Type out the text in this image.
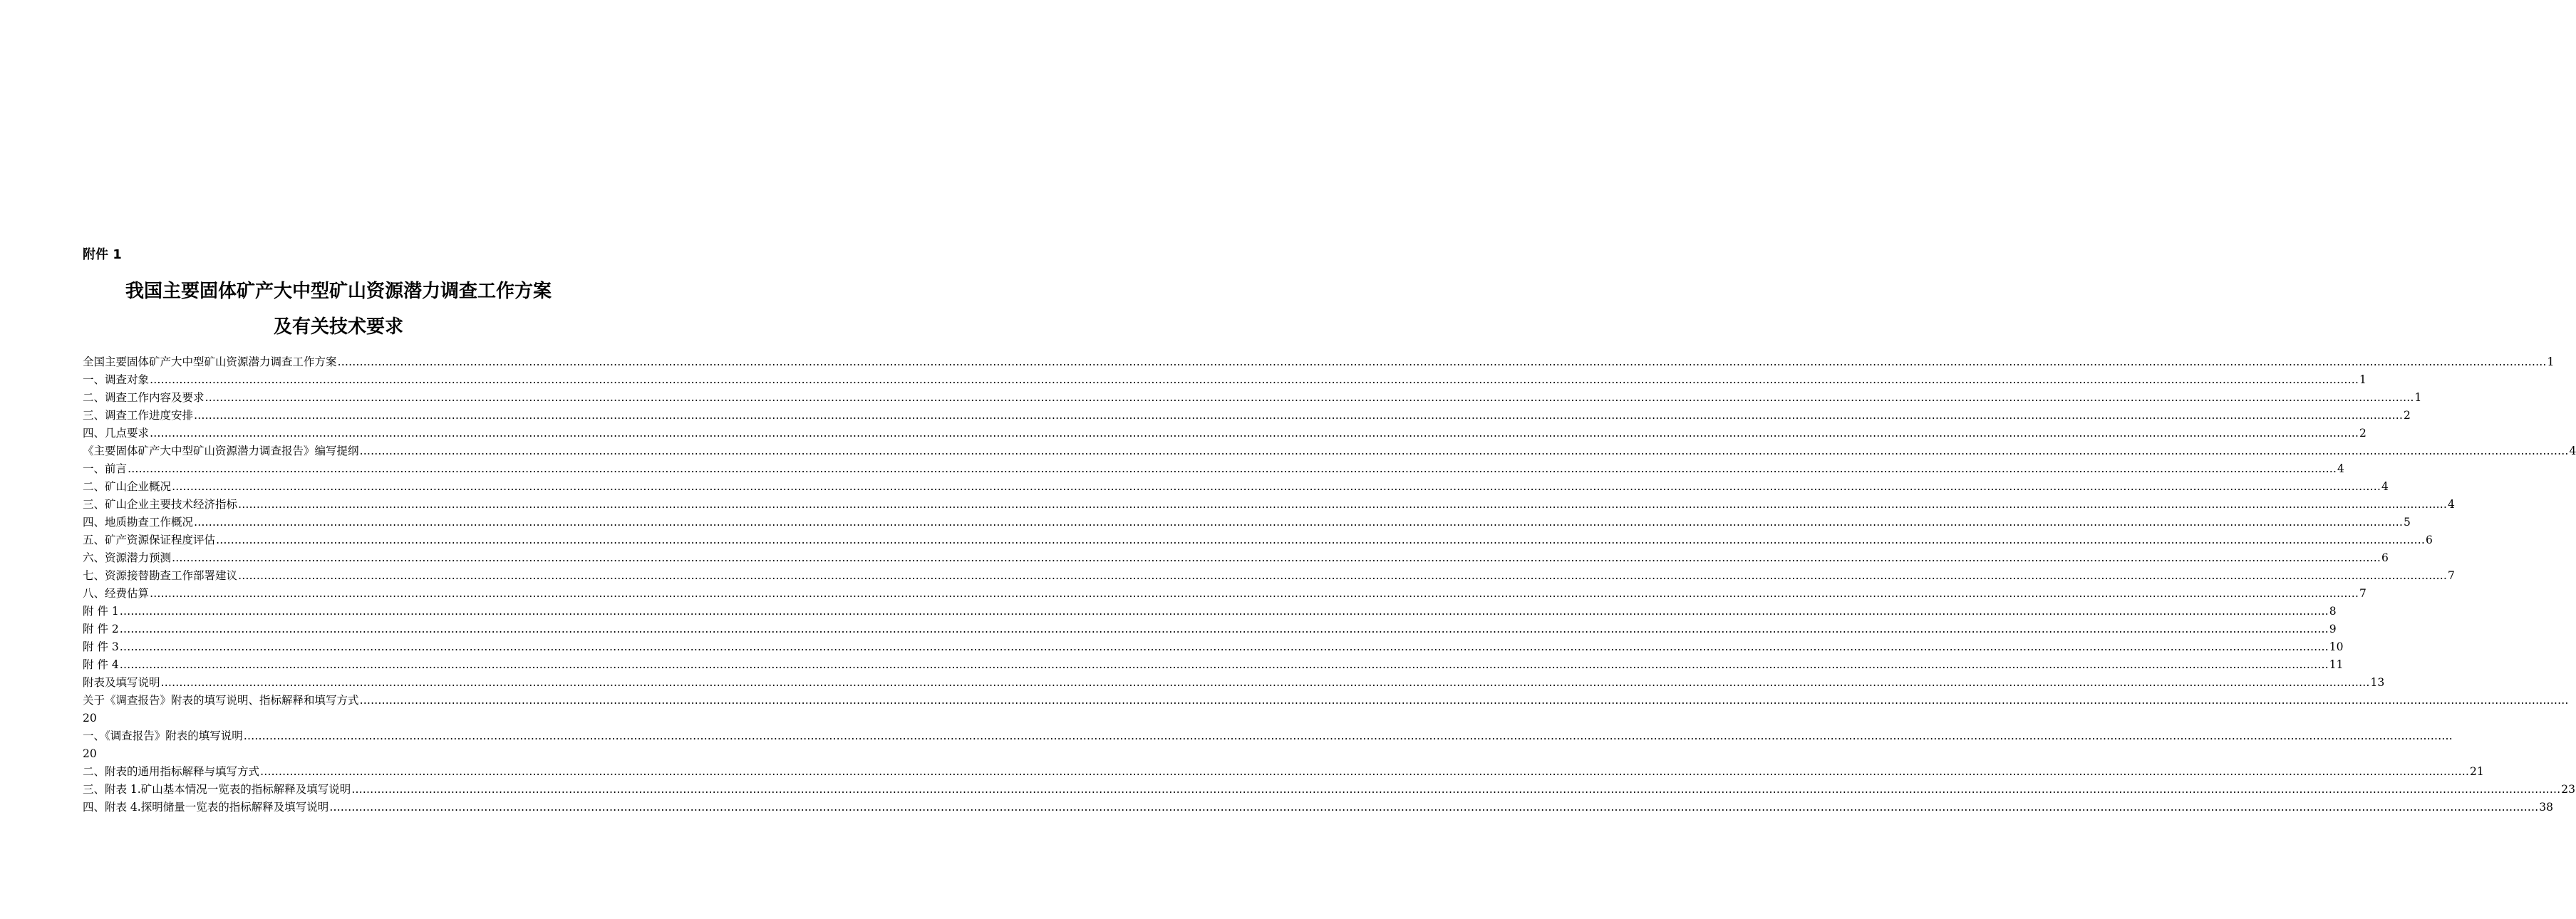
附件 1
我国主要固体矿产大中型矿山资源潜力调查工作方案
及有关技术要求
全国主要固体矿产大中型矿山资源潜力调查工作方案 …………………………………………………………………………………………………………………………………………………………………………………………………………………………………………………………………………………………………………………………………………………………………………………………………………………………………………………………………………………………………………………………………………………… 1
一、调查对象 …………………………………………………………………………………………………………………………………………………………………………………………………………………………………………………………………………………………………………………………………………………………………………………………………………………………………………………………………………………………………………………………………………………… 1
二、调查工作内容及要求 …………………………………………………………………………………………………………………………………………………………………………………………………………………………………………………………………………………………………………………………………………………………………………………………………………………………………………………………………………………………………………………………………………………… 1
三、调查工作进度安排 …………………………………………………………………………………………………………………………………………………………………………………………………………………………………………………………………………………………………………………………………………………………………………………………………………………………………………………………………………………………………………………………………………………… 2
四、几点要求 …………………………………………………………………………………………………………………………………………………………………………………………………………………………………………………………………………………………………………………………………………………………………………………………………………………………………………………………………………………………………………………………………………………… 2
《主要固体矿产大中型矿山资源潜力调查报告》编写提纲 …………………………………………………………………………………………………………………………………………………………………………………………………………………………………………………………………………………………………………………………………………………………………………………………………………………………………………………………………………………………………………………………………………………… 4
一、前言 …………………………………………………………………………………………………………………………………………………………………………………………………………………………………………………………………………………………………………………………………………………………………………………………………………………………………………………………………………………………………………………………………………………… 4
二、矿山企业概况 …………………………………………………………………………………………………………………………………………………………………………………………………………………………………………………………………………………………………………………………………………………………………………………………………………………………………………………………………………………………………………………………………………………… 4
三、矿山企业主要技术经济指标 …………………………………………………………………………………………………………………………………………………………………………………………………………………………………………………………………………………………………………………………………………………………………………………………………………………………………………………………………………………………………………………………………………………… 4
四、地质勘查工作概况 …………………………………………………………………………………………………………………………………………………………………………………………………………………………………………………………………………………………………………………………………………………………………………………………………………………………………………………………………………………………………………………………………………………… 5
五、矿产资源保证程度评估 …………………………………………………………………………………………………………………………………………………………………………………………………………………………………………………………………………………………………………………………………………………………………………………………………………………………………………………………………………………………………………………………………………………… 6
六、资源潜力预测 …………………………………………………………………………………………………………………………………………………………………………………………………………………………………………………………………………………………………………………………………………………………………………………………………………………………………………………………………………………………………………………………………………………… 6
七、资源接替勘查工作部署建议 …………………………………………………………………………………………………………………………………………………………………………………………………………………………………………………………………………………………………………………………………………………………………………………………………………………………………………………………………………………………………………………………………………………… 7
八、经费估算 …………………………………………………………………………………………………………………………………………………………………………………………………………………………………………………………………………………………………………………………………………………………………………………………………………………………………………………………………………………………………………………………………………………… 7
附 件 1 …………………………………………………………………………………………………………………………………………………………………………………………………………………………………………………………………………………………………………………………………………………………………………………………………………………………………………………………………………………………………………………………………………………… 8
附 件 2 …………………………………………………………………………………………………………………………………………………………………………………………………………………………………………………………………………………………………………………………………………………………………………………………………………………………………………………………………………………………………………………………………………………… 9
附 件 3 …………………………………………………………………………………………………………………………………………………………………………………………………………………………………………………………………………………………………………………………………………………………………………………………………………………………………………………………………………………………………………………………………………………… 10
附 件 4 …………………………………………………………………………………………………………………………………………………………………………………………………………………………………………………………………………………………………………………………………………………………………………………………………………………………………………………………………………………………………………………………………………………… 11
附表及填写说明 …………………………………………………………………………………………………………………………………………………………………………………………………………………………………………………………………………………………………………………………………………………………………………………………………………………………………………………………………………………………………………………………………………………… 13
关于《调查报告》附表的填写说明、指标解释和填写方式 ……………………………………………………………………………………………………………………………………………………………………………………………………………………………………………………………………………………………………………………………………………………………………………………………………………………………………………………………………………………………………………………………………………………
20
一、《调查报告》附表的填写说明 ……………………………………………………………………………………………………………………………………………………………………………………………………………………………………………………………………………………………………………………………………………………………………………………………………………………………………………………………………………………………………………………………………………………
20
二、附表的通用指标解释与填写方式 …………………………………………………………………………………………………………………………………………………………………………………………………………………………………………………………………………………………………………………………………………………………………………………………………………………………………………………………………………………………………………………………………………………… 21
三、附表 1.矿山基本情况一览表的指标解释及填写说明 …………………………………………………………………………………………………………………………………………………………………………………………………………………………………………………………………………………………………………………………………………………………………………………………………………………………………………………………………………………………………………………………………………………… 23
四、附表 4.探明储量一览表的指标解释及填写说明 …………………………………………………………………………………………………………………………………………………………………………………………………………………………………………………………………………………………………………………………………………………………………………………………………………………………………………………………………………………………………………………………………………………… 38
